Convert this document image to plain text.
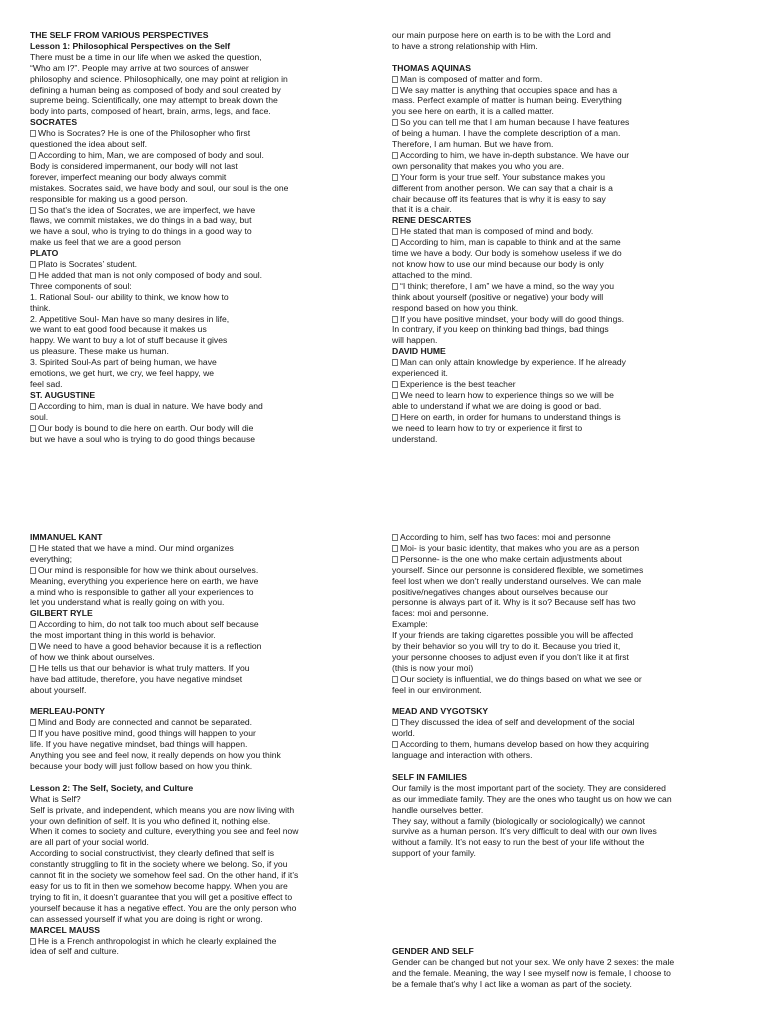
THE SELF FROM VARIOUS PERSPECTIVES
Lesson 1: Philosophical Perspectives on the Self
There must be a time in our life when we asked the question,
“Who am I?”. People may arrive at two sources of answer
philosophy and science. Philosophically, one may point at religion in
defining a human being as composed of body and soul created by
supreme being. Scientifically, one may attempt to break down the
body into parts, composed of heart, brain, arms, legs, and face.
SOCRATES
Who is Socrates? He is one of the Philosopher who first
questioned the idea about self.
According to him, Man, we are composed of body and soul.
Body is considered impermanent, our body will not last
forever, imperfect meaning our body always commit
mistakes. Socrates said, we have body and soul, our soul is the one
responsible for making us a good person.
So that’s the idea of Socrates, we are imperfect, we have
flaws, we commit mistakes, we do things in a bad way, but
we have a soul, who is trying to do things in a good way to
make us feel that we are a good person
PLATO
Plato is Socrates’ student.
He added that man is not only composed of body and soul.
Three components of soul:
1. Rational Soul- our ability to think, we know how to
think.
2. Appetitive Soul- Man have so many desires in life,
we want to eat good food because it makes us
happy. We want to buy a lot of stuff because it gives
us pleasure. These make us human.
3. Spirited Soul-As part of being human, we have
emotions, we get hurt, we cry, we feel happy, we
feel sad.
ST. AUGUSTINE
According to him, man is dual in nature. We have body and
soul.
Our body is bound to die here on earth. Our body will die
but we have a soul who is trying to do good things because
our main purpose here on earth is to be with the Lord and
to have a strong relationship with Him.
THOMAS AQUINAS
Man is composed of matter and form.
We say matter is anything that occupies space and has a
mass. Perfect example of matter is human being. Everything
you see here on earth, it is a called matter.
So you can tell me that I am human because I have features
of being a human. I have the complete description of a man.
Therefore, I am human. But we have from.
According to him, we have in-depth substance. We have our
own personality that makes you who you are.
Your form is your true self. Your substance makes you
different from another person. We can say that a chair is a
chair because off its features that is why it is easy to say
that it is a chair.
RENE DESCARTES
He stated that man is composed of mind and body.
According to him, man is capable to think and at the same
time we have a body. Our body is somehow useless if we do
not know how to use our mind because our body is only
attached to the mind.
“I think; therefore, I am” we have a mind, so the way you
think about yourself (positive or negative) your body will
respond based on how you think.
If you have positive mindset, your body will do good things.
In contrary, if you keep on thinking bad things, bad things
will happen.
DAVID HUME
Man can only attain knowledge by experience. If he already
experienced it.
Experience is the best teacher
We need to learn how to experience things so we will be
able to understand if what we are doing is good or bad.
Here on earth, in order for humans to understand things is
we need to learn how to try or experience it first to
understand.
IMMANUEL KANT
He stated that we have a mind. Our mind organizes
everything;
Our mind is responsible for how we think about ourselves.
Meaning, everything you experience here on earth, we have
a mind who is responsible to gather all your experiences to
let you understand what is really going on with you.
GILBERT RYLE
According to him, do not talk too much about self because
the most important thing in this world is behavior.
We need to have a good behavior because it is a reflection
of how we think about ourselves.
He tells us that our behavior is what truly matters. If you
have bad attitude, therefore, you have negative mindset
about yourself.
MERLEAU-PONTY
Mind and Body are connected and cannot be separated.
If you have positive mind, good things will happen to your
life. If you have negative mindset, bad things will happen.
Anything you see and feel now, it really depends on how you think
because your body will just follow based on how you think.
Lesson 2: The Self, Society, and Culture
What is Self?
Self is private, and independent, which means you are now living with
your own definition of self. It is you who defined it, nothing else.
When it comes to society and culture, everything you see and feel now
are all part of your social world.
According to social constructivist, they clearly defined that self is
constantly struggling to fit in the society where we belong. So, if you
cannot fit in the society we somehow feel sad. On the other hand, if it’s
easy for us to fit in then we somehow become happy. When you are
trying to fit in, it doesn’t guarantee that you will get a positive effect to
yourself because it has a negative effect. You are the only person who
can assessed yourself if what you are doing is right or wrong.
MARCEL MAUSS
He is a French anthropologist in which he clearly explained the
idea of self and culture.
According to him, self has two faces: moi and personne
Moi- is your basic identity, that makes who you are as a person
Personne- is the one who make certain adjustments about
yourself. Since our personne is considered flexible, we sometimes
feel lost when we don’t really understand ourselves. We can male
positive/negatives changes about ourselves because our
personne is always part of it. Why is it so? Because self has two
faces: moi and personne.
Example:
If your friends are taking cigarettes possible you will be affected
by their behavior so you will try to do it. Because you tried it,
your personne chooses to adjust even if you don’t like it at first
(this is now your moi)
Our society is influential, we do things based on what we see or
feel in our environment.
MEAD AND VYGOTSKY
They discussed the idea of self and development of the social
world.
According to them, humans develop based on how they acquiring
language and interaction with others.
SELF IN FAMILIES
Our family is the most important part of the society. They are considered
as our immediate family. They are the ones who taught us on how we can
handle ourselves better.
They say, without a family (biologically or sociologically) we cannot
survive as a human person. It’s very difficult to deal with our own lives
without a family. It’s not easy to run the best of your life without the
support of your family.
GENDER AND SELF
Gender can be changed but not your sex. We only have 2 sexes: the male
and the female. Meaning, the way I see myself now is female, I choose to
be a female that’s why I act like a woman as part of the society.
